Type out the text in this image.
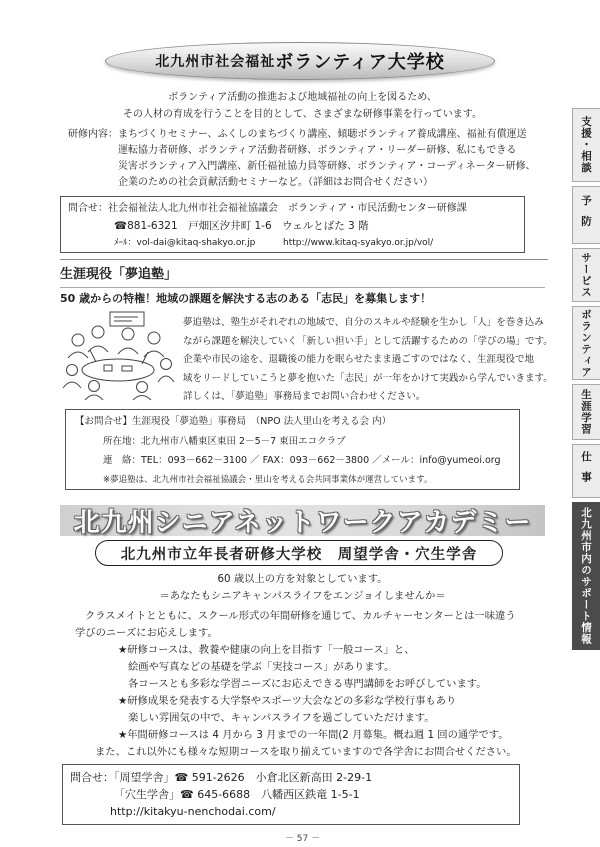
支援・相談
予防
サービス
ボランティア
生涯学習
仕事
北九州市内のサポート情報
北九州市社会福祉 ボランティア大学校
ボランティア活動の推進および地域福祉の向上を図るため、
その人材の育成を行うことを目的として、さまざまな研修事業を行っています。
研修内容：まちづくりセミナー、ふくしのまちづくり講座、傾聴ボランティア養成講座、福祉有償運送
運転協力者研修、ボランティア活動者研修、ボランティア・リーダー研修、私にもできる
災害ボランティア入門講座、新任福祉協力員等研修、ボランティア・コーディネーター研修、
企業のための社会貢献活動セミナーなど。（詳細はお問合せください）
問合せ：社会福祉法人北九州市社会福祉協議会　ボランティア・市民活動センター研修課
☎881-6321　 戸畑区汐井町 1-6　ウェルとばた 3 階
ﾒｰﾙ：vol-dai@kitaq-shakyo.or.jp	http://www.kitaq-syakyo.or.jp/vol/
生涯現役「夢追塾」
50 歳からの特権！地域の課題を解決する志のある「志民」を募集します！
夢追塾は、塾生がそれぞれの地域で、自分のスキルや経験を生かし「人」を巻き込み
ながら課題を解決していく「新しい担い手」として活躍するための「学びの場」です。
企業や市民の途を、退職後の能力を眠らせたまま過ごすのではなく、生涯現役で地
域をリードしていこうと夢を抱いた「志民」が一年をかけて実践から学んでいきます。
詳しくは、「夢追塾」事務局までお問い合わせください。
【お問合せ】生涯現役「夢追塾」事務局　（NPO 法人里山を考える会 内）
所在地：北九州市八幡東区東田 2－5－7 東田エコクラブ
連　絡：TEL：093－662－3100 ／ FAX：093－662－3800 ／メール：info@yumeoi.org
※夢追塾は、北九州市社会福祉協議会・里山を考える会共同事業体が運営しています。
北九州シニアネットワークアカデミー
北九州市立年長者研修大学校　周望学舎・穴生学舎
60 歳以上の方を対象としています。
＝あなたもシニアキャンパスライフをエンジョイしませんか＝
クラスメイトとともに、スクール形式の年間研修を通じて、カルチャーセンターとは一味違う
学びのニーズにお応えします。
★研修コースは、教養や健康の向上を目指す「一般コース」と、
絵画や写真などの基礎を学ぶ「実技コース」があります。
各コースとも多彩な学習ニーズにお応えできる専門講師をお呼びしています。
★研修成果を発表する大学祭やスポーツ大会などの多彩な学校行事もあり
楽しい雰囲気の中で、キャンパスライフを過ごしていただけます。
★年間研修コースは 4 月から 3 月までの一年間(2 月募集。概ね週 1 回の通学です。
また、これ以外にも様々な短期コースを取り揃えていますので各学舎にお問合せください。
問合せ：「周望学舎」☎ 591-2626　 小倉北区新高田 2-29-1
「穴生学舎」☎ 645-6688　 八幡西区鉄竜 1-5-1
http://kitakyu-nenchodai.com/
－ 57 －
